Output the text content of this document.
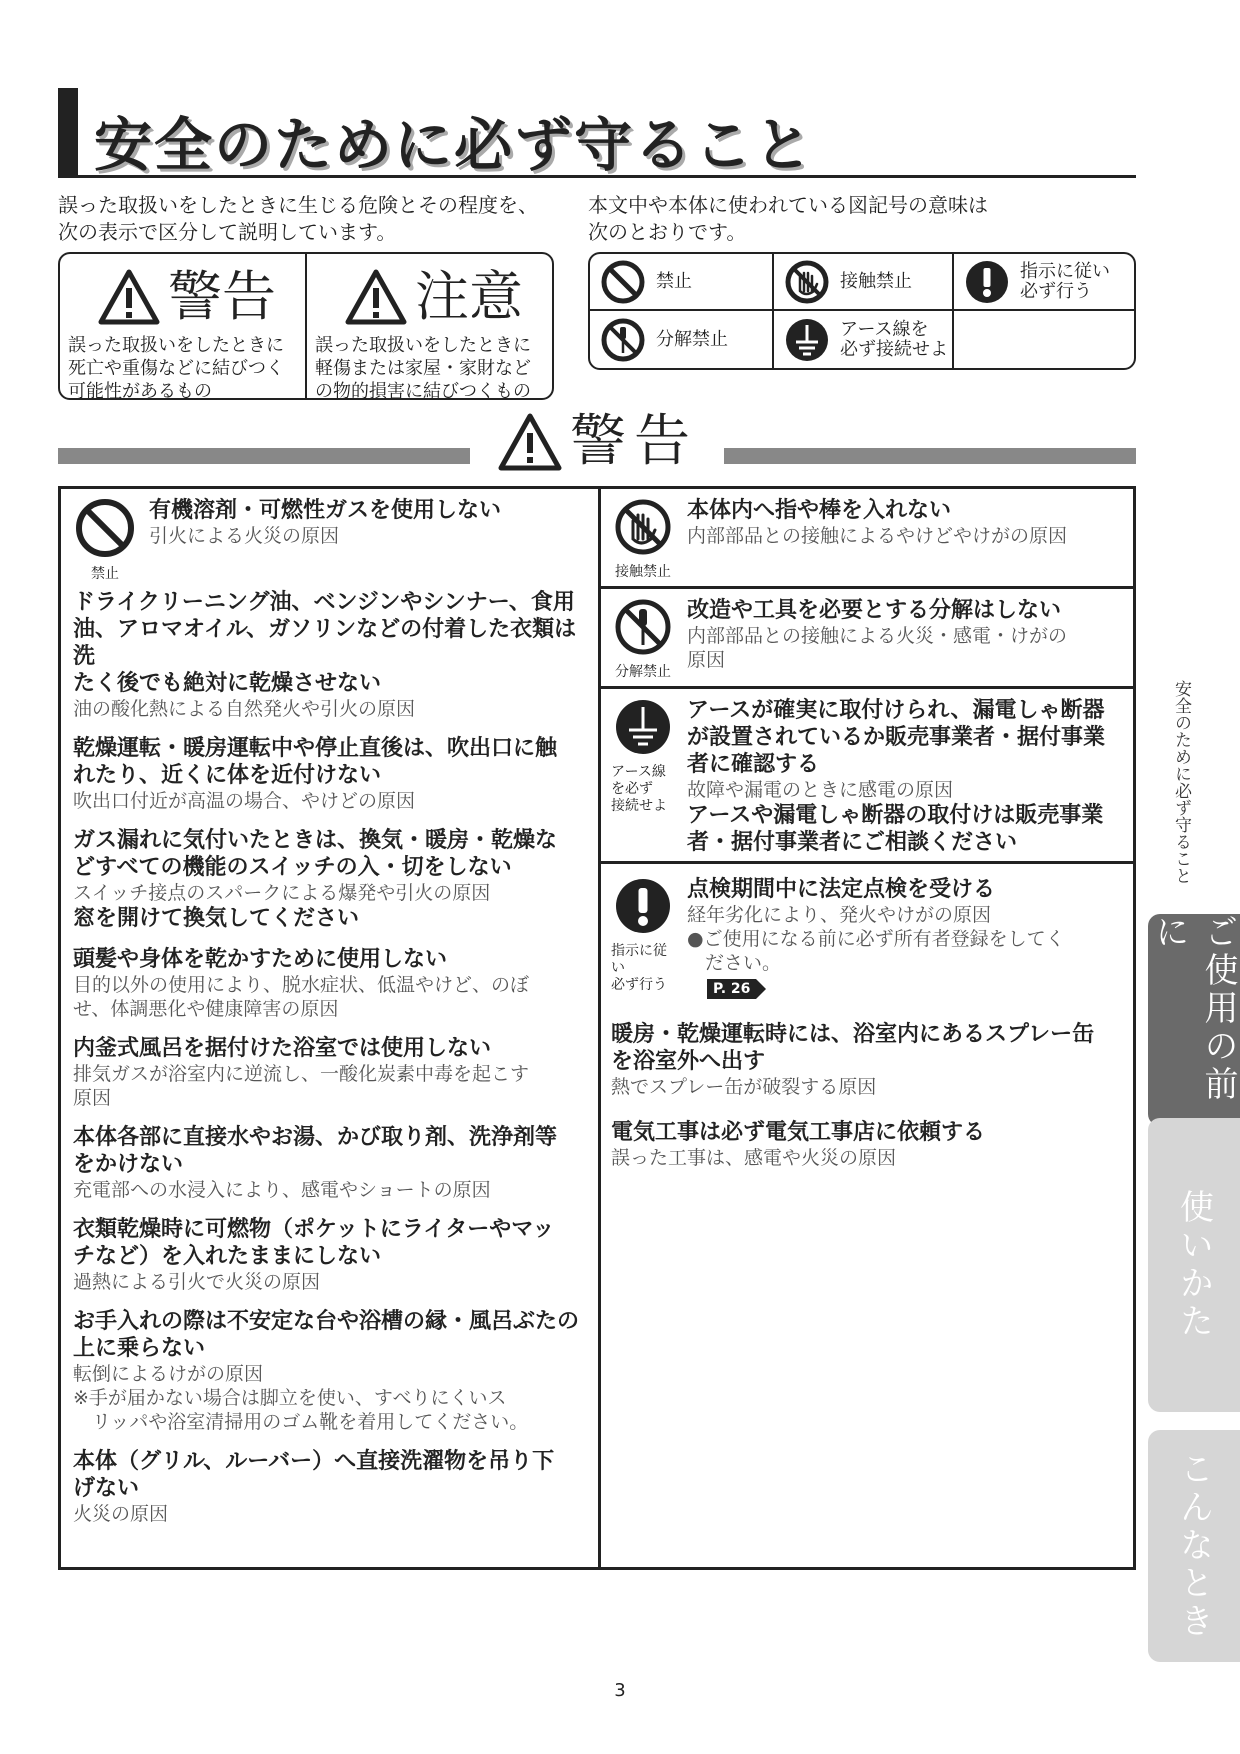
安全のために必ず守ること
誤った取扱いをしたときに生じる危険とその程度を、
次の表示で区分して説明しています。
本文中や本体に使われている図記号の意味は
次のとおりです。
警告
誤った取扱いをしたときに
死亡や重傷などに結びつく
可能性があるもの
注意
誤った取扱いをしたときに
軽傷または家屋・家財など
の物的損害に結びつくもの
禁止	接触禁止	指示に従い
必ず行う
分解禁止	アース線を
必ず接続せよ
警告
禁止
有機溶剤・可燃性ガスを使用しない
引火による火災の原因
ドライクリーニング油、ベンジンやシンナー、食用
油、アロマオイル、ガソリンなどの付着した衣類は洗
たく後でも絶対に乾燥させない
油の酸化熱による自然発火や引火の原因
乾燥運転・暖房運転中や停止直後は、吹出口に触
れたり、近くに体を近付けない
吹出口付近が高温の場合、やけどの原因
ガス漏れに気付いたときは、換気・暖房・乾燥な
どすべての機能のスイッチの入・切をしない
スイッチ接点のスパークによる爆発や引火の原因
窓を開けて換気してください
頭髪や身体を乾かすために使用しない
目的以外の使用により、脱水症状、低温やけど、のぼ
せ、体調悪化や健康障害の原因
内釜式風呂を据付けた浴室では使用しない
排気ガスが浴室内に逆流し、一酸化炭素中毒を起こす
原因
本体各部に直接水やお湯、かび取り剤、洗浄剤等
をかけない
充電部への水浸入により、感電やショートの原因
衣類乾燥時に可燃物（ポケットにライターやマッ
チなど）を入れたままにしない
過熱による引火で火災の原因
お手入れの際は不安定な台や浴槽の縁・風呂ぶたの
上に乗らない
転倒によるけがの原因
※手が届かない場合は脚立を使い、すべりにくいス
　リッパや浴室清掃用のゴム靴を着用してください。
本体（グリル、ルーバー）へ直接洗濯物を吊り下
げない
火災の原因
接触禁止
本体内へ指や棒を入れない
内部部品との接触によるやけどやけがの原因
分解禁止
改造や工具を必要とする分解はしない
内部部品との接触による火災・感電・けがの
原因
アース線
を必ず
接続せよ
アースが確実に取付けられ、漏電しゃ断器
が設置されているか販売事業者・据付事業
者に確認する
故障や漏電のときに感電の原因
アースや漏電しゃ断器の取付けは販売事業
者・据付事業者にご相談ください
指示に従い
必ず行う
点検期間中に法定点検を受ける
経年劣化により、発火やけがの原因
●ご使用になる前に必ず所有者登録をしてく
ださい。
P. 26
暖房・乾燥運転時には、浴室内にあるスプレー缶
を浴室外へ出す
熱でスプレー缶が破裂する原因
電気工事は必ず電気工事店に依頼する
誤った工事は、感電や火災の原因
安全のために必ず守ること
ご使用の前に
使いかた
こんなとき
3
